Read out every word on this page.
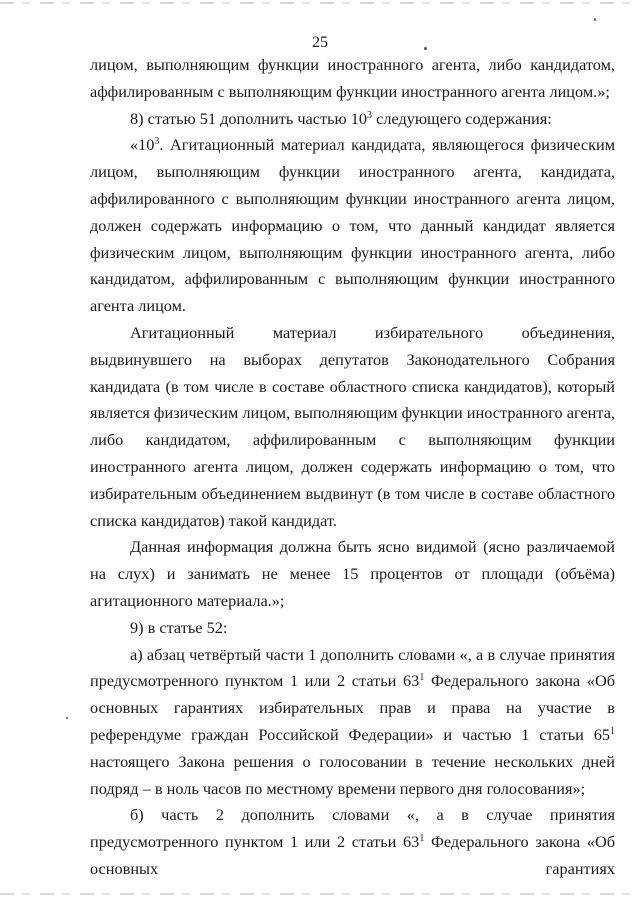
25

лицом, выполняющим функции иностранного агента, либо кандидатом, аффилированным с выполняющим функции иностранного агента лицом.»;

8) статью 51 дополнить частью $10^3$ следующего содержания:

«$10^3$. Агитационный материал кандидата, являющегося физическим лицом, выполняющим функции иностранного агента, кандидата, аффилированного с выполняющим функции иностранного агента лицом, должен содержать информацию о том, что данный кандидат является физическим лицом, выполняющим функции иностранного агента, либо кандидатом, аффилированным с выполняющим функции иностранного агента лицом.

Агитационный материал избирательного объединения, выдвинувшего на выборах депутатов Законодательного Собрания кандидата (в том числе в составе областного списка кандидатов), который является физическим лицом, выполняющим функции иностранного агента, либо кандидатом, аффилированным с выполняющим функции иностранного агента лицом, должен содержать информацию о том, что избирательным объединением выдвинут (в том числе в составе областного списка кандидатов) такой кандидат.

Данная информация должна быть ясно видимой (ясно различаемой на слух) и занимать не менее 15 процентов от площади (объёма) агитационного материала.»;

9) в статье 52:

а) абзац четвёртый части 1 дополнить словами «, а в случае принятия предусмотренного пунктом 1 или 2 статьи $63^1$ Федерального закона «Об основных гарантиях избирательных прав и права на участие в референдуме граждан Российской Федерации» и частью 1 статьи $65^1$ настоящего Закона решения о голосовании в течение нескольких дней подряд – в ноль часов по местному времени первого дня голосования»;

б) часть 2 дополнить словами «, а в случае принятия предусмотренного пунктом 1 или 2 статьи $63^1$ Федерального закона «Об основных гарантиях
